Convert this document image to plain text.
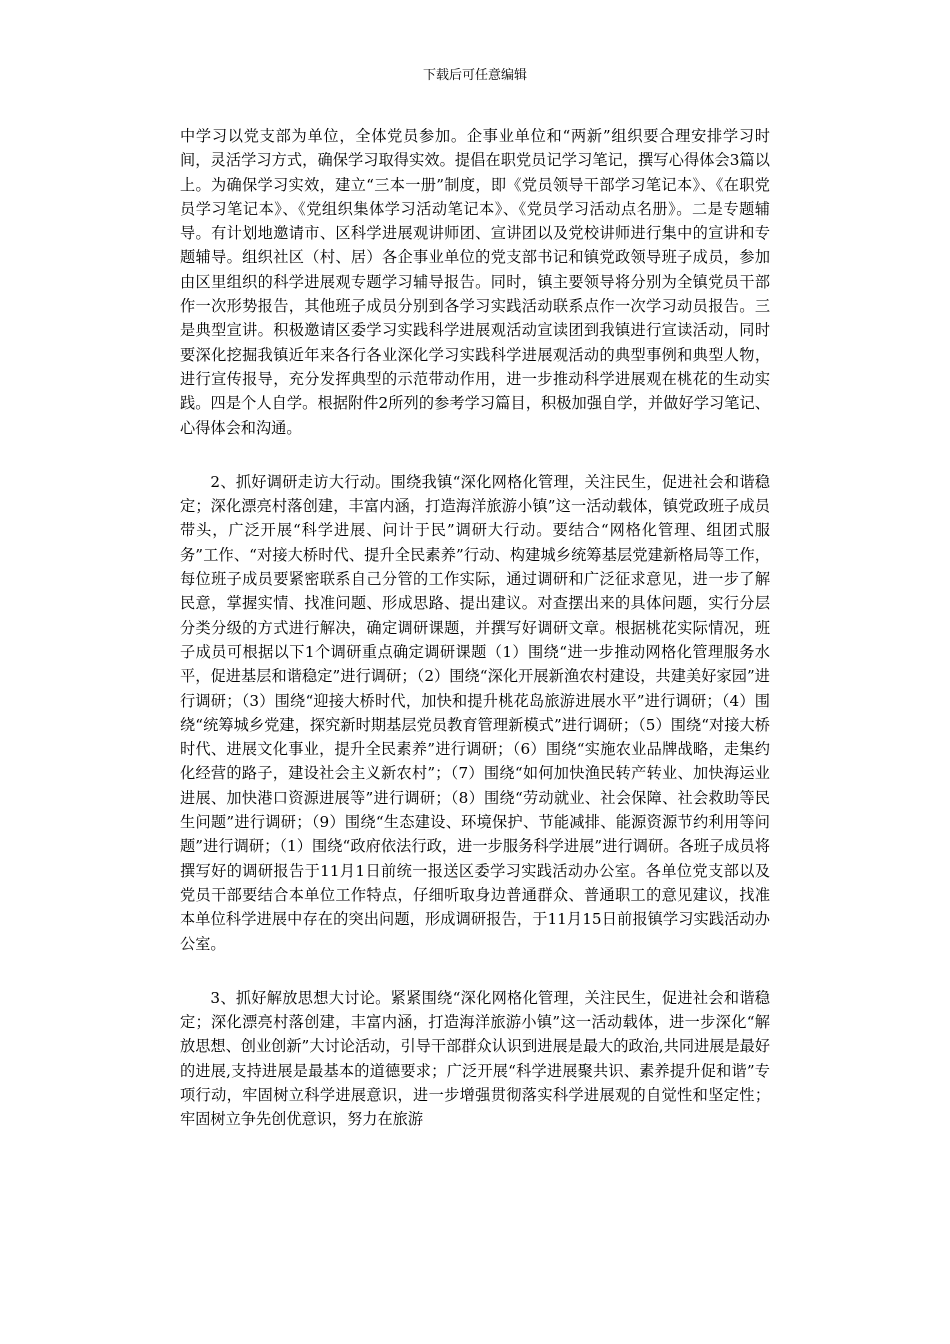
下载后可任意编辑

中学习以党支部为单位，全体党员参加。企事业单位和“两新”组织要合理安排学习时间，灵活学习方式，确保学习取得实效。提倡在职党员记学习笔记，撰写心得体会3篇以上。为确保学习实效，建立“三本一册”制度，即《党员领导干部学习笔记本》、《在职党员学习笔记本》、《党组织集体学习活动笔记本》、《党员学习活动点名册》。二是专题辅导。有计划地邀请市、区科学进展观讲师团、宣讲团以及党校讲师进行集中的宣讲和专题辅导。组织社区（村、居）各企事业单位的党支部书记和镇党政领导班子成员，参加由区里组织的科学进展观专题学习辅导报告。同时，镇主要领导将分别为全镇党员干部作一次形势报告，其他班子成员分别到各学习实践活动联系点作一次学习动员报告。三是典型宣讲。积极邀请区委学习实践科学进展观活动宣读团到我镇进行宣读活动，同时要深化挖掘我镇近年来各行各业深化学习实践科学进展观活动的典型事例和典型人物，进行宣传报导，充分发挥典型的示范带动作用，进一步推动科学进展观在桃花的生动实践。四是个人自学。根据附件2所列的参考学习篇目，积极加强自学，并做好学习笔记、心得体会和沟通。

2、抓好调研走访大行动。围绕我镇“深化网格化管理，关注民生，促进社会和谐稳定；深化漂亮村落创建，丰富内涵，打造海洋旅游小镇”这一活动载体，镇党政班子成员带头，广泛开展“科学进展、问计于民”调研大行动。要结合“网格化管理、组团式服务”工作、“对接大桥时代、提升全民素养”行动、构建城乡统筹基层党建新格局等工作，每位班子成员要紧密联系自己分管的工作实际，通过调研和广泛征求意见，进一步了解民意，掌握实情、找准问题、形成思路、提出建议。对查摆出来的具体问题，实行分层分类分级的方式进行解决，确定调研课题，并撰写好调研文章。根据桃花实际情况，班子成员可根据以下1个调研重点确定调研课题（1）围绕“进一步推动网格化管理服务水平，促进基层和谐稳定”进行调研；（2）围绕“深化开展新渔农村建设，共建美好家园”进行调研；（3）围绕“迎接大桥时代，加快和提升桃花岛旅游进展水平”进行调研；（4）围绕“统筹城乡党建，探究新时期基层党员教育管理新模式”进行调研；（5）围绕“对接大桥时代、进展文化事业，提升全民素养”进行调研；（6）围绕“实施农业品牌战略，走集约化经营的路子，建设社会主义新农村”；（7）围绕“如何加快渔民转产转业、加快海运业进展、加快港口资源进展等”进行调研；（8）围绕“劳动就业、社会保障、社会救助等民生问题”进行调研；（9）围绕“生态建设、环境保护、节能减排、能源资源节约利用等问题”进行调研；（1）围绕“政府依法行政，进一步服务科学进展”进行调研。各班子成员将撰写好的调研报告于11月1日前统一报送区委学习实践活动办公室。各单位党支部以及党员干部要结合本单位工作特点，仔细听取身边普通群众、普通职工的意见建议，找准本单位科学进展中存在的突出问题，形成调研报告，于11月15日前报镇学习实践活动办公室。

3、抓好解放思想大讨论。紧紧围绕“深化网格化管理，关注民生，促进社会和谐稳定；深化漂亮村落创建，丰富内涵，打造海洋旅游小镇”这一活动载体，进一步深化“解放思想、创业创新”大讨论活动，引导干部群众认识到进展是最大的政治,共同进展是最好的进展,支持进展是最基本的道德要求；广泛开展“科学进展聚共识、素养提升促和谐”专项行动，牢固树立科学进展意识，进一步增强贯彻落实科学进展观的自觉性和坚定性；牢固树立争先创优意识，努力在旅游
